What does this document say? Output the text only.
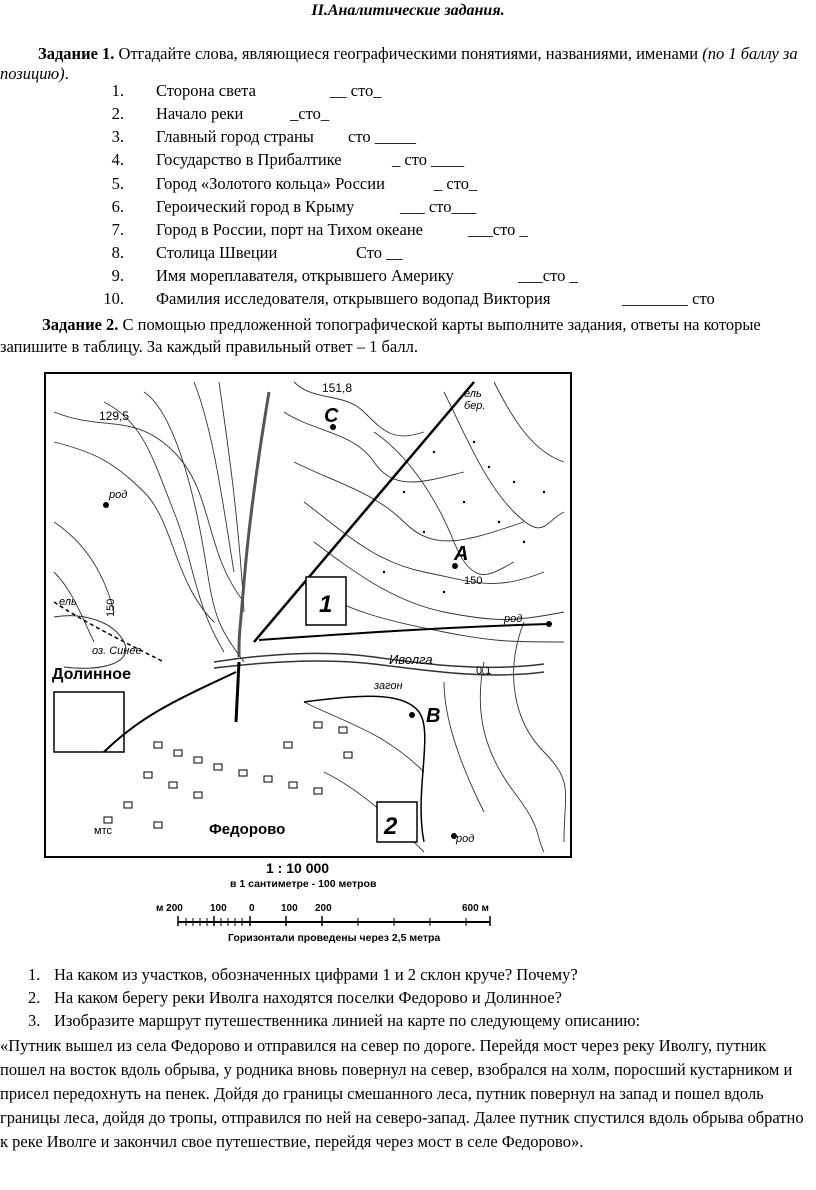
II.Аналитические задания.
Задание 1. Отгадайте слова, являющиеся географическими понятиями, названиями, именами (по 1 баллу за позицию).
1. Сторона света	__ сто_
2. Начало реки	_сто_
3. Главный город страны сто _____
4. Государство в Прибалтике	_ сто ____
5. Город «Золотого кольца» России	_ сто_
6. Героический город в Крыму	___ сто___
7. Город в России, порт на Тихом океане	___сто _
8. Столица Швеции	Сто __
9. Имя мореплавателя, открывшего Америку	___сто _
10. Фамилия исследователя, открывшего водопад Виктория	________ сто
Задание 2. С помощью предложенной топографической карты выполните задания, ответы на которые запишите в таблицу. За каждый правильный ответ – 1 балл.
151,8
С
129,5
ель
бер.
род
А
150
ель	150
род
1
оз. Синее
Иволга
0,1
Долинное
загон
В
мтс	Федорово	2	род
1 : 10 000
в 1 сантиметре - 100 метров
м 200	100 0	100 200	600 м
Горизонтали проведены через 2,5 метра
1. На каком из участков, обозначенных цифрами 1 и 2 склон круче? Почему?
2. На каком берегу реки Иволга находятся поселки Федорово и Долинное?
3. Изобразите маршрут путешественника линией на карте по следующему описанию:
«Путник вышел из села Федорово и отправился на север по дороге. Перейдя мост через реку Иволгу, путник пошел на восток вдоль обрыва, у родника вновь повернул на север, взобрался на холм, поросший кустарником и присел передохнуть на пенек. Дойдя до границы смешанного леса, путник повернул на запад и пошел вдоль границы леса, дойдя до тропы, отправился по ней на северо-запад. Далее путник спустился вдоль обрыва обратно к реке Иволге и закончил свое путешествие, перейдя через мост в селе Федорово».
